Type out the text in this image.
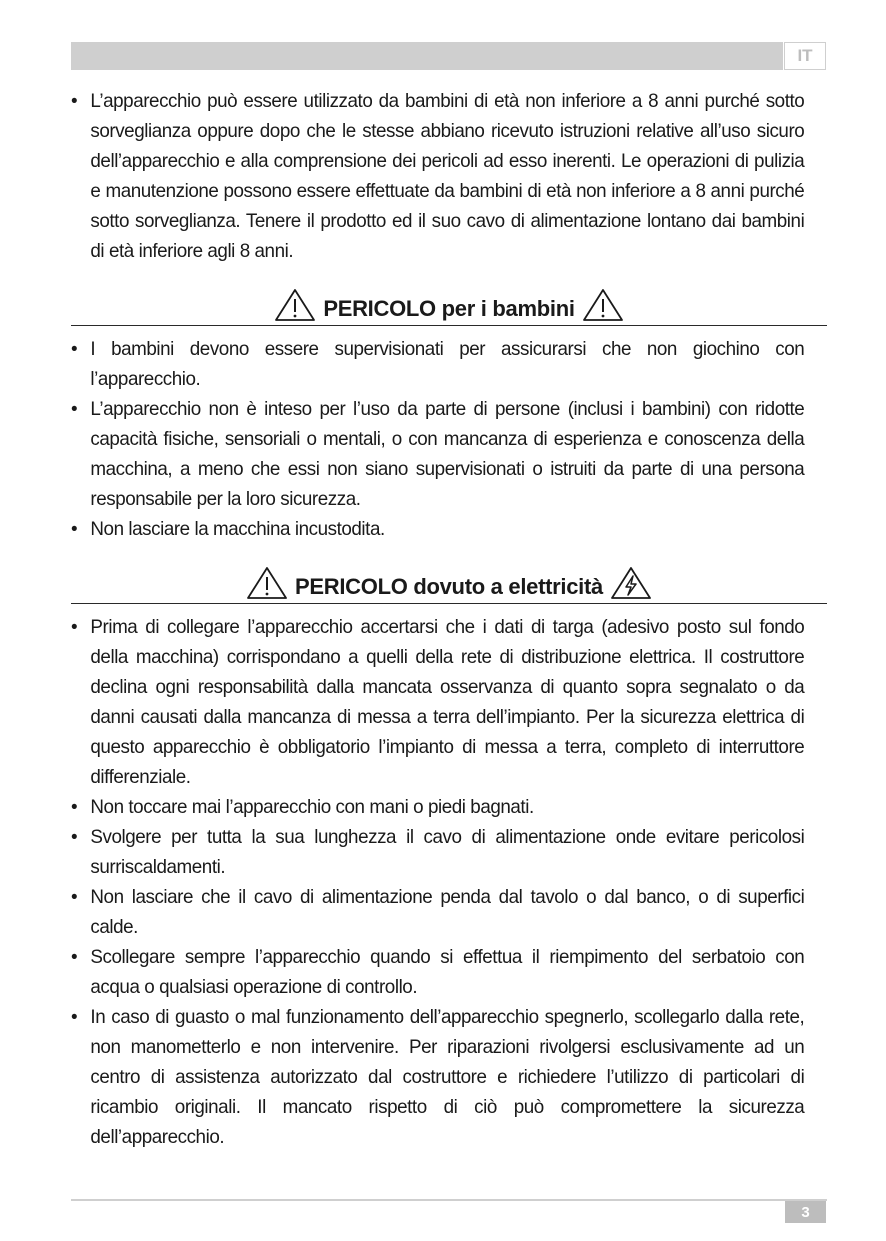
IT
• L’apparecchio può essere utilizzato da bambini di età non inferiore a 8 anni purché sotto sorveglianza oppure dopo che le stesse abbiano ricevuto istruzioni relative all’uso sicuro dell’apparecchio e alla comprensione dei pericoli ad esso inerenti. Le operazioni di pulizia e manutenzione possono essere effettuate da bambini di età non inferiore a 8 anni purché sotto sorveglianza. Tenere il prodotto ed il suo cavo di alimentazione lontano dai bambini di età inferiore agli 8 anni.
PERICOLO per i bambini
• I bambini devono essere supervisionati per assicurarsi che non giochino con l’apparecchio.
• L’apparecchio non è inteso per l’uso da parte di persone (inclusi i bambini) con ridotte capacità fisiche, sensoriali o mentali, o con mancanza di esperienza e conoscenza della macchina, a meno che essi non siano supervisionati o istruiti da parte di una persona responsabile per la loro sicurezza.
• Non lasciare la macchina incustodita.
PERICOLO dovuto a elettricità
• Prima di collegare l’apparecchio accertarsi che i dati di targa (adesivo posto sul fondo della macchina) corrispondano a quelli della rete di distribuzione elettrica. Il costruttore declina ogni responsabilità dalla mancata osservanza di quanto sopra segnalato o da danni causati dalla mancanza di messa a terra dell’impianto. Per la sicurezza elettrica di questo apparecchio è obbligatorio l’impianto di messa a terra, completo di interruttore differenziale.
• Non toccare mai l’apparecchio con mani o piedi bagnati.
• Svolgere per tutta la sua lunghezza il cavo di alimentazione onde evitare pericolosi surriscaldamenti.
• Non lasciare che il cavo di alimentazione penda dal tavolo o dal banco, o di superfici calde.
• Scollegare sempre l’apparecchio quando si effettua il riempimento del serbatoio con acqua o qualsiasi operazione di controllo.
• In caso di guasto o mal funzionamento dell’apparecchio spegnerlo, scollegarlo dalla rete, non manometterlo e non intervenire. Per riparazioni rivolgersi esclusivamente ad un centro di assistenza autorizzato dal costruttore e richiedere l’utilizzo di particolari di ricambio originali. Il mancato rispetto di ciò può compromettere la sicurezza dell’apparecchio.
3
